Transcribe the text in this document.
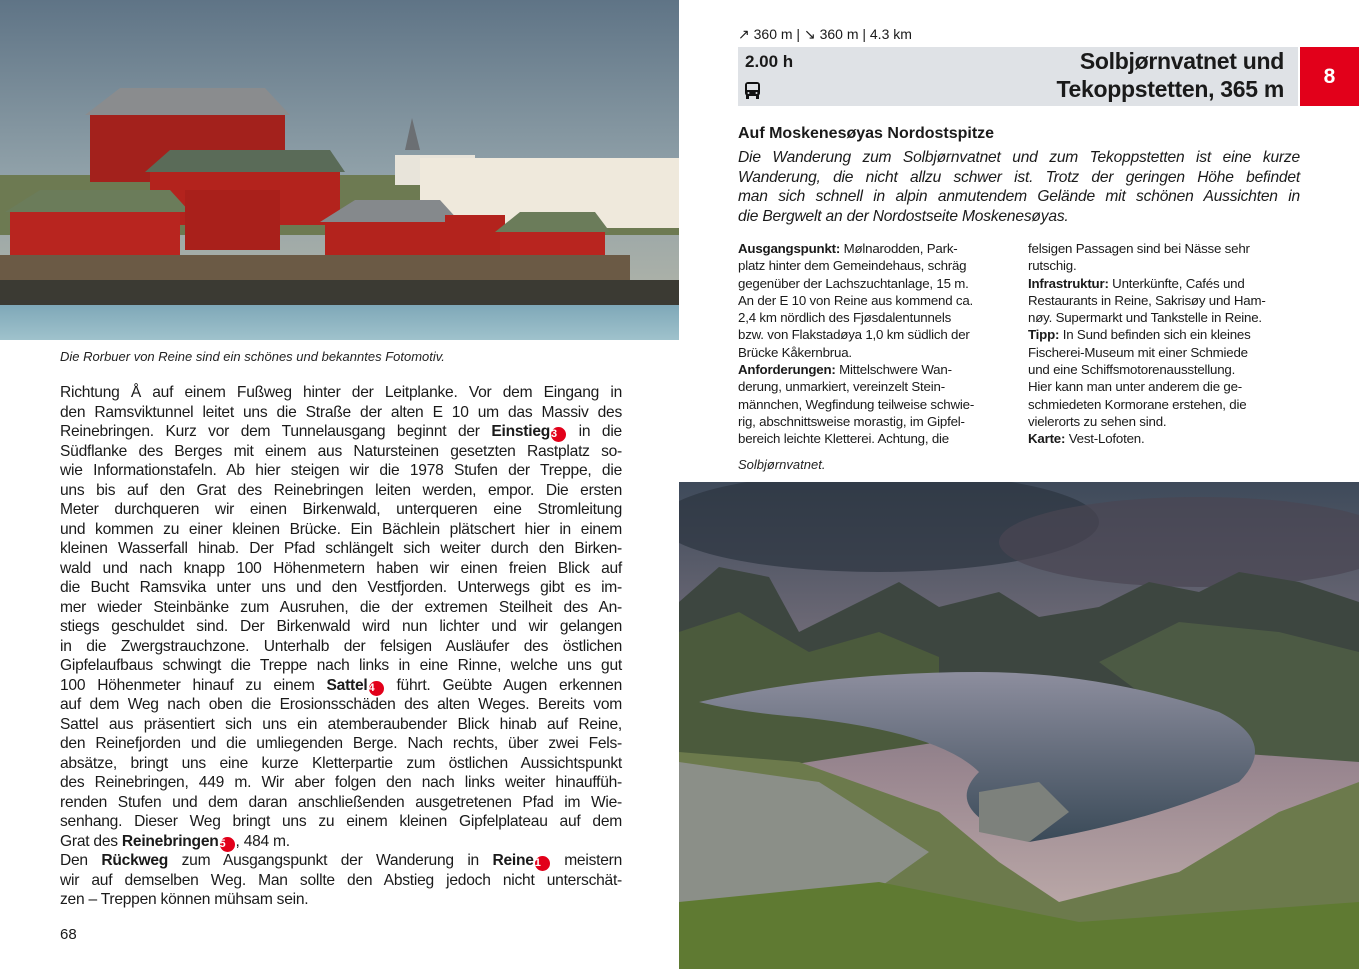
Die Rorbuer von Reine sind ein schönes und bekanntes Fotomotiv.
Richtung Å auf einem Fußweg hinter der Leitplanke. Vor dem Eingang in
den Ramsviktunnel leitet uns die Straße der alten E 10 um das Massiv des
Reinebringen. Kurz vor dem Tunnelausgang beginnt der Einstieg3 in die
Südflanke des Berges mit einem aus Natursteinen gesetzten Rastplatz so-
wie Informationstafeln. Ab hier steigen wir die 1978 Stufen der Treppe, die
uns bis auf den Grat des Reinebringen leiten werden, empor. Die ersten
Meter durchqueren wir einen Birkenwald, unterqueren eine Stromleitung
und kommen zu einer kleinen Brücke. Ein Bächlein plätschert hier in einem
kleinen Wasserfall hinab. Der Pfad schlängelt sich weiter durch den Birken-
wald und nach knapp 100 Höhenmetern haben wir einen freien Blick auf
die Bucht Ramsvika unter uns und den Vestfjorden. Unterwegs gibt es im-
mer wieder Steinbänke zum Ausruhen, die der extremen Steilheit des An-
stiegs geschuldet sind. Der Birkenwald wird nun lichter und wir gelangen
in die Zwergstrauchzone. Unterhalb der felsigen Ausläufer des östlichen
Gipfelaufbaus schwingt die Treppe nach links in eine Rinne, welche uns gut
100 Höhenmeter hinauf zu einem Sattel4 führt. Geübte Augen erkennen
auf dem Weg nach oben die Erosionsschäden des alten Weges. Bereits vom
Sattel aus präsentiert sich uns ein atemberaubender Blick hinab auf Reine,
den Reinefjorden und die umliegenden Berge. Nach rechts, über zwei Fels-
absätze, bringt uns eine kurze Kletterpartie zum östlichen Aussichtspunkt
des Reinebringen, 449 m. Wir aber folgen den nach links weiter hinauffüh-
renden Stufen und dem daran anschließenden ausgetretenen Pfad im Wie-
senhang. Dieser Weg bringt uns zu einem kleinen Gipfelplateau auf dem
Grat des Reinebringen5 , 484 m.
Den Rückweg zum Ausgangspunkt der Wanderung in Reine1 meistern
wir auf demselben Weg. Man sollte den Abstieg jedoch nicht unterschät-
zen – Treppen können mühsam sein.
68
↗ 360 m | ↘ 360 m | 4.3 km
2.00 h	Solbjørnvatnet und
Tekoppstetten, 365 m	8
Auf Moskenesøyas Nordostspitze
Die Wanderung zum Solbjørnvatnet und zum Tekoppstetten ist eine kurze
Wanderung, die nicht allzu schwer ist. Trotz der geringen Höhe befindet
man sich schnell in alpin anmutendem Gelände mit schönen Aussichten in
die Bergwelt an der Nordostseite Moskenesøyas.
Ausgangspunkt: Mølnarodden, Park-
platz hinter dem Gemeindehaus, schräg
gegenüber der Lachszuchtanlage, 15 m.
An der E 10 von Reine aus kommend ca.
2,4 km nördlich des Fjøsdalentunnels
bzw. von Flakstadøya 1,0 km südlich der
Brücke Kåkernbrua.
Anforderungen: Mittelschwere Wan-
derung, unmarkiert, vereinzelt Stein-
männchen, Wegfindung teilweise schwie-
rig, abschnittsweise morastig, im Gipfel-
bereich leichte Kletterei. Achtung, die
felsigen Passagen sind bei Nässe sehr
rutschig.
Infrastruktur: Unterkünfte, Cafés und
Restaurants in Reine, Sakrisøy und Ham-
nøy. Supermarkt und Tankstelle in Reine.
Tipp: In Sund befinden sich ein kleines
Fischerei-Museum mit einer Schmiede
und eine Schiffsmotorenausstellung.
Hier kann man unter anderem die ge-
schmiedeten Kormorane erstehen, die
vielerorts zu sehen sind.
Karte: Vest-Lofoten.
Solbjørnvatnet.
